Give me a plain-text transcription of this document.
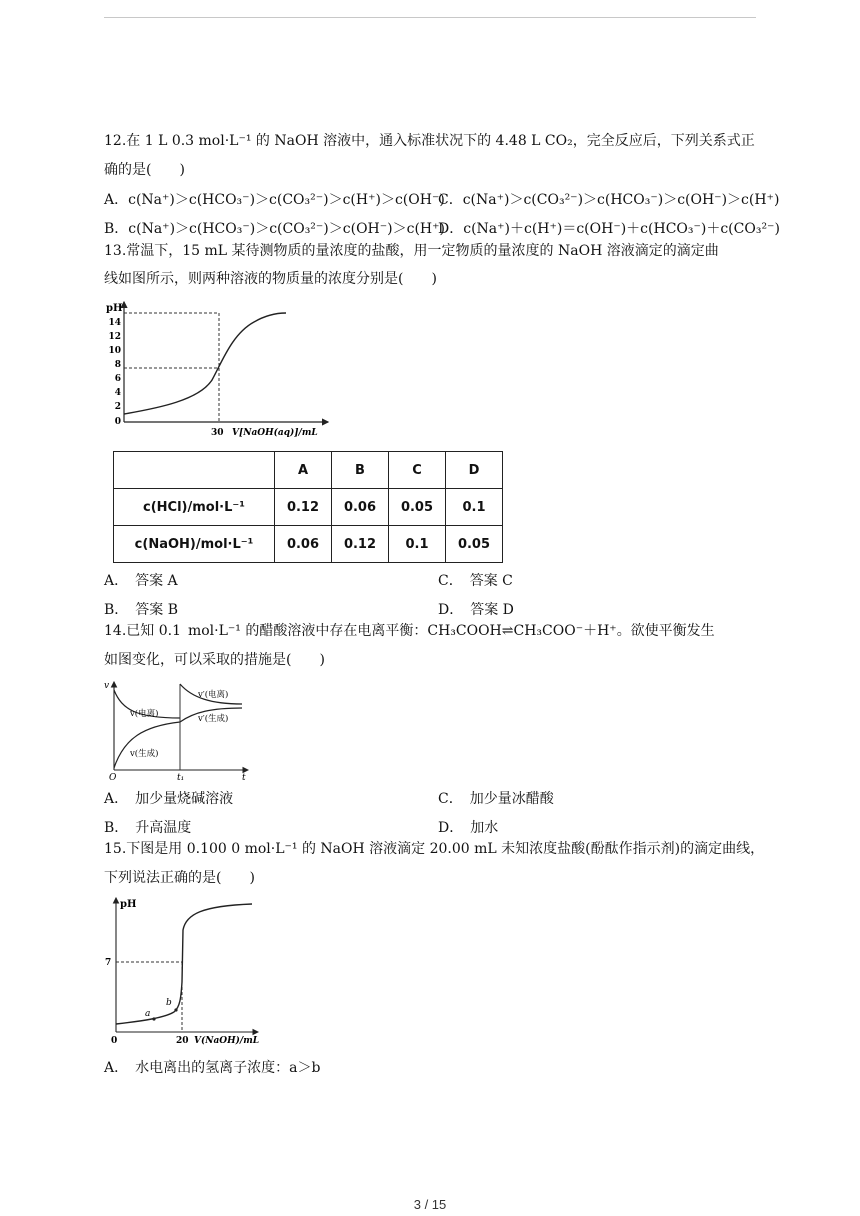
12.在 1 L 0.3 mol·L⁻¹ 的 NaOH 溶液中，通入标准状况下的 4.48 L CO₂，完全反应后，下列关系式正
确的是(　　)
A．c(Na⁺)＞c(HCO₃⁻)＞c(CO₃²⁻)＞c(H⁺)＞c(OH⁻)
C．c(Na⁺)＞c(CO₃²⁻)＞c(HCO₃⁻)＞c(OH⁻)＞c(H⁺)
B．c(Na⁺)＞c(HCO₃⁻)＞c(CO₃²⁻)＞c(OH⁻)＞c(H⁺)
D．c(Na⁺)＋c(H⁺)＝c(OH⁻)＋c(HCO₃⁻)＋c(CO₃²⁻)
13.常温下，15 mL 某待测物质的量浓度的盐酸，用一定物质的量浓度的 NaOH 溶液滴定的滴定曲
线如图所示，则两种溶液的物质量的浓度分别是(　　)
pH
14
12
10
8
6
4
2
0
30 V[NaOH(aq)]/mL
	A	B	C	D
c(HCl)/mol·L⁻¹	0.12	0.06	0.05	0.1
c(NaOH)/mol·L⁻¹	0.06	0.12	0.1	0.05
A．　答案 A	C．　答案 C
B．　答案 B	D．　答案 D
14.已知 0.1 mol·L⁻¹ 的醋酸溶液中存在电离平衡：CH₃COOH⇌CH₃COO⁻＋H⁺。欲使平衡发生
如图变化，可以采取的措施是(　　)
v
O	t₁	t
v(电离)
v(生成)
v′(电离)
v′(生成)
A．　加少量烧碱溶液	C．　加少量冰醋酸
B．　升高温度	D．　加水
15.下图是用 0.100 0 mol·L⁻¹ 的 NaOH 溶液滴定 20.00 mL 未知浓度盐酸(酚酞作指示剂)的滴定曲线，
下列说法正确的是(　　)
pH
7
0	20 V(NaOH)/mL
a
b
A．　水电离出的氢离子浓度：a＞b
3 / 15
